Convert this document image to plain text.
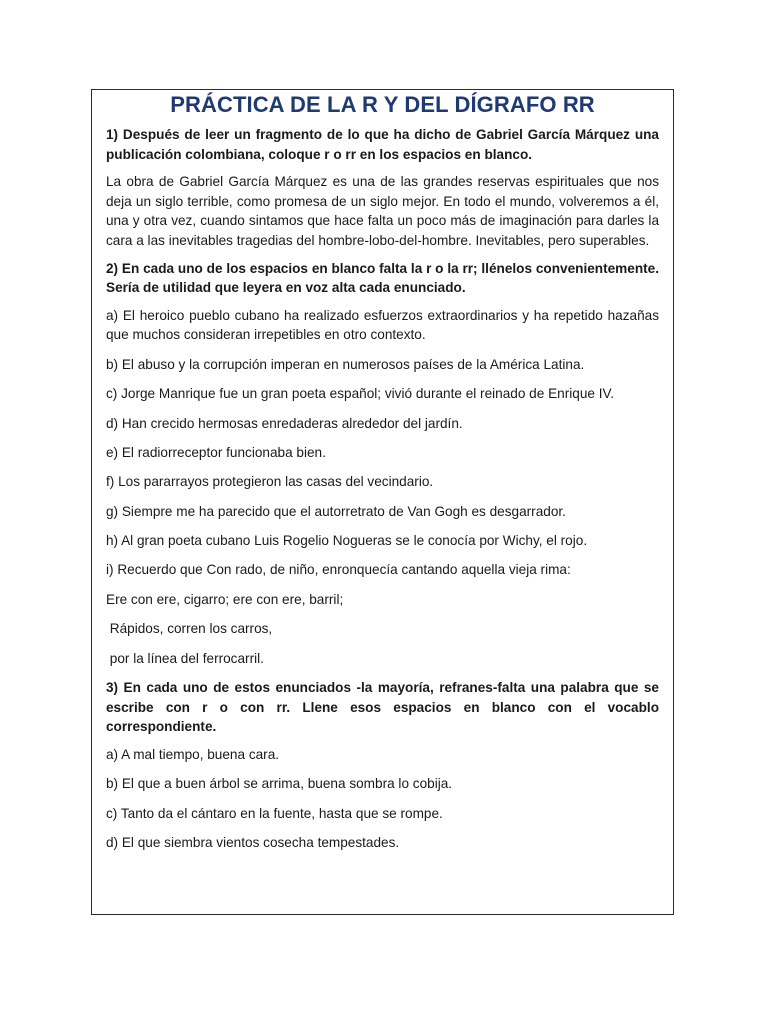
PRÁCTICA DE LA R Y DEL DÍGRAFO RR

1) Después de leer un fragmento de lo que ha dicho de Gabriel García Márquez una publicación colombiana, coloque r o rr en los espacios en blanco.

La obra de Gabriel García Márquez es una de las grandes reservas espirituales que nos deja un siglo terrible, como promesa de un siglo mejor. En todo el mundo, volveremos a él, una y otra vez, cuando sintamos que hace falta un poco más de imaginación para darles la cara a las inevitables tragedias del hombre-lobo-del-hombre. Inevitables, pero superables.

2) En cada uno de los espacios en blanco falta la r o la rr; llénelos convenientemente. Sería de utilidad que leyera en voz alta cada enunciado.

a) El heroico pueblo cubano ha realizado esfuerzos extraordinarios y ha repetido hazañas que muchos consideran irrepetibles en otro contexto.

b) El abuso y la corrupción imperan en numerosos países de la América Latina.

c) Jorge Manrique fue un gran poeta español; vivió durante el reinado de Enrique IV.

d) Han crecido hermosas enredaderas alrededor del jardín.

e) El radiorreceptor funcionaba bien.

f) Los pararrayos protegieron las casas del vecindario.

g) Siempre me ha parecido que el autorretrato de Van Gogh es desgarrador.

h) Al gran poeta cubano Luis Rogelio Nogueras se le conocía por Wichy, el rojo.

i) Recuerdo que Con rado, de niño, enronquecía cantando aquella vieja rima:

Ere con ere, cigarro; ere con ere, barril;

Rápidos, corren los carros,

por la línea del ferrocarril.

3) En cada uno de estos enunciados -la mayoría, refranes-falta una palabra que se escribe con r o con rr. Llene esos espacios en blanco con el vocablo correspondiente.

a) A mal tiempo, buena cara.

b) El que a buen árbol se arrima, buena sombra lo cobija.

c) Tanto da el cántaro en la fuente, hasta que se rompe.

d) El que siembra vientos cosecha tempestades.
